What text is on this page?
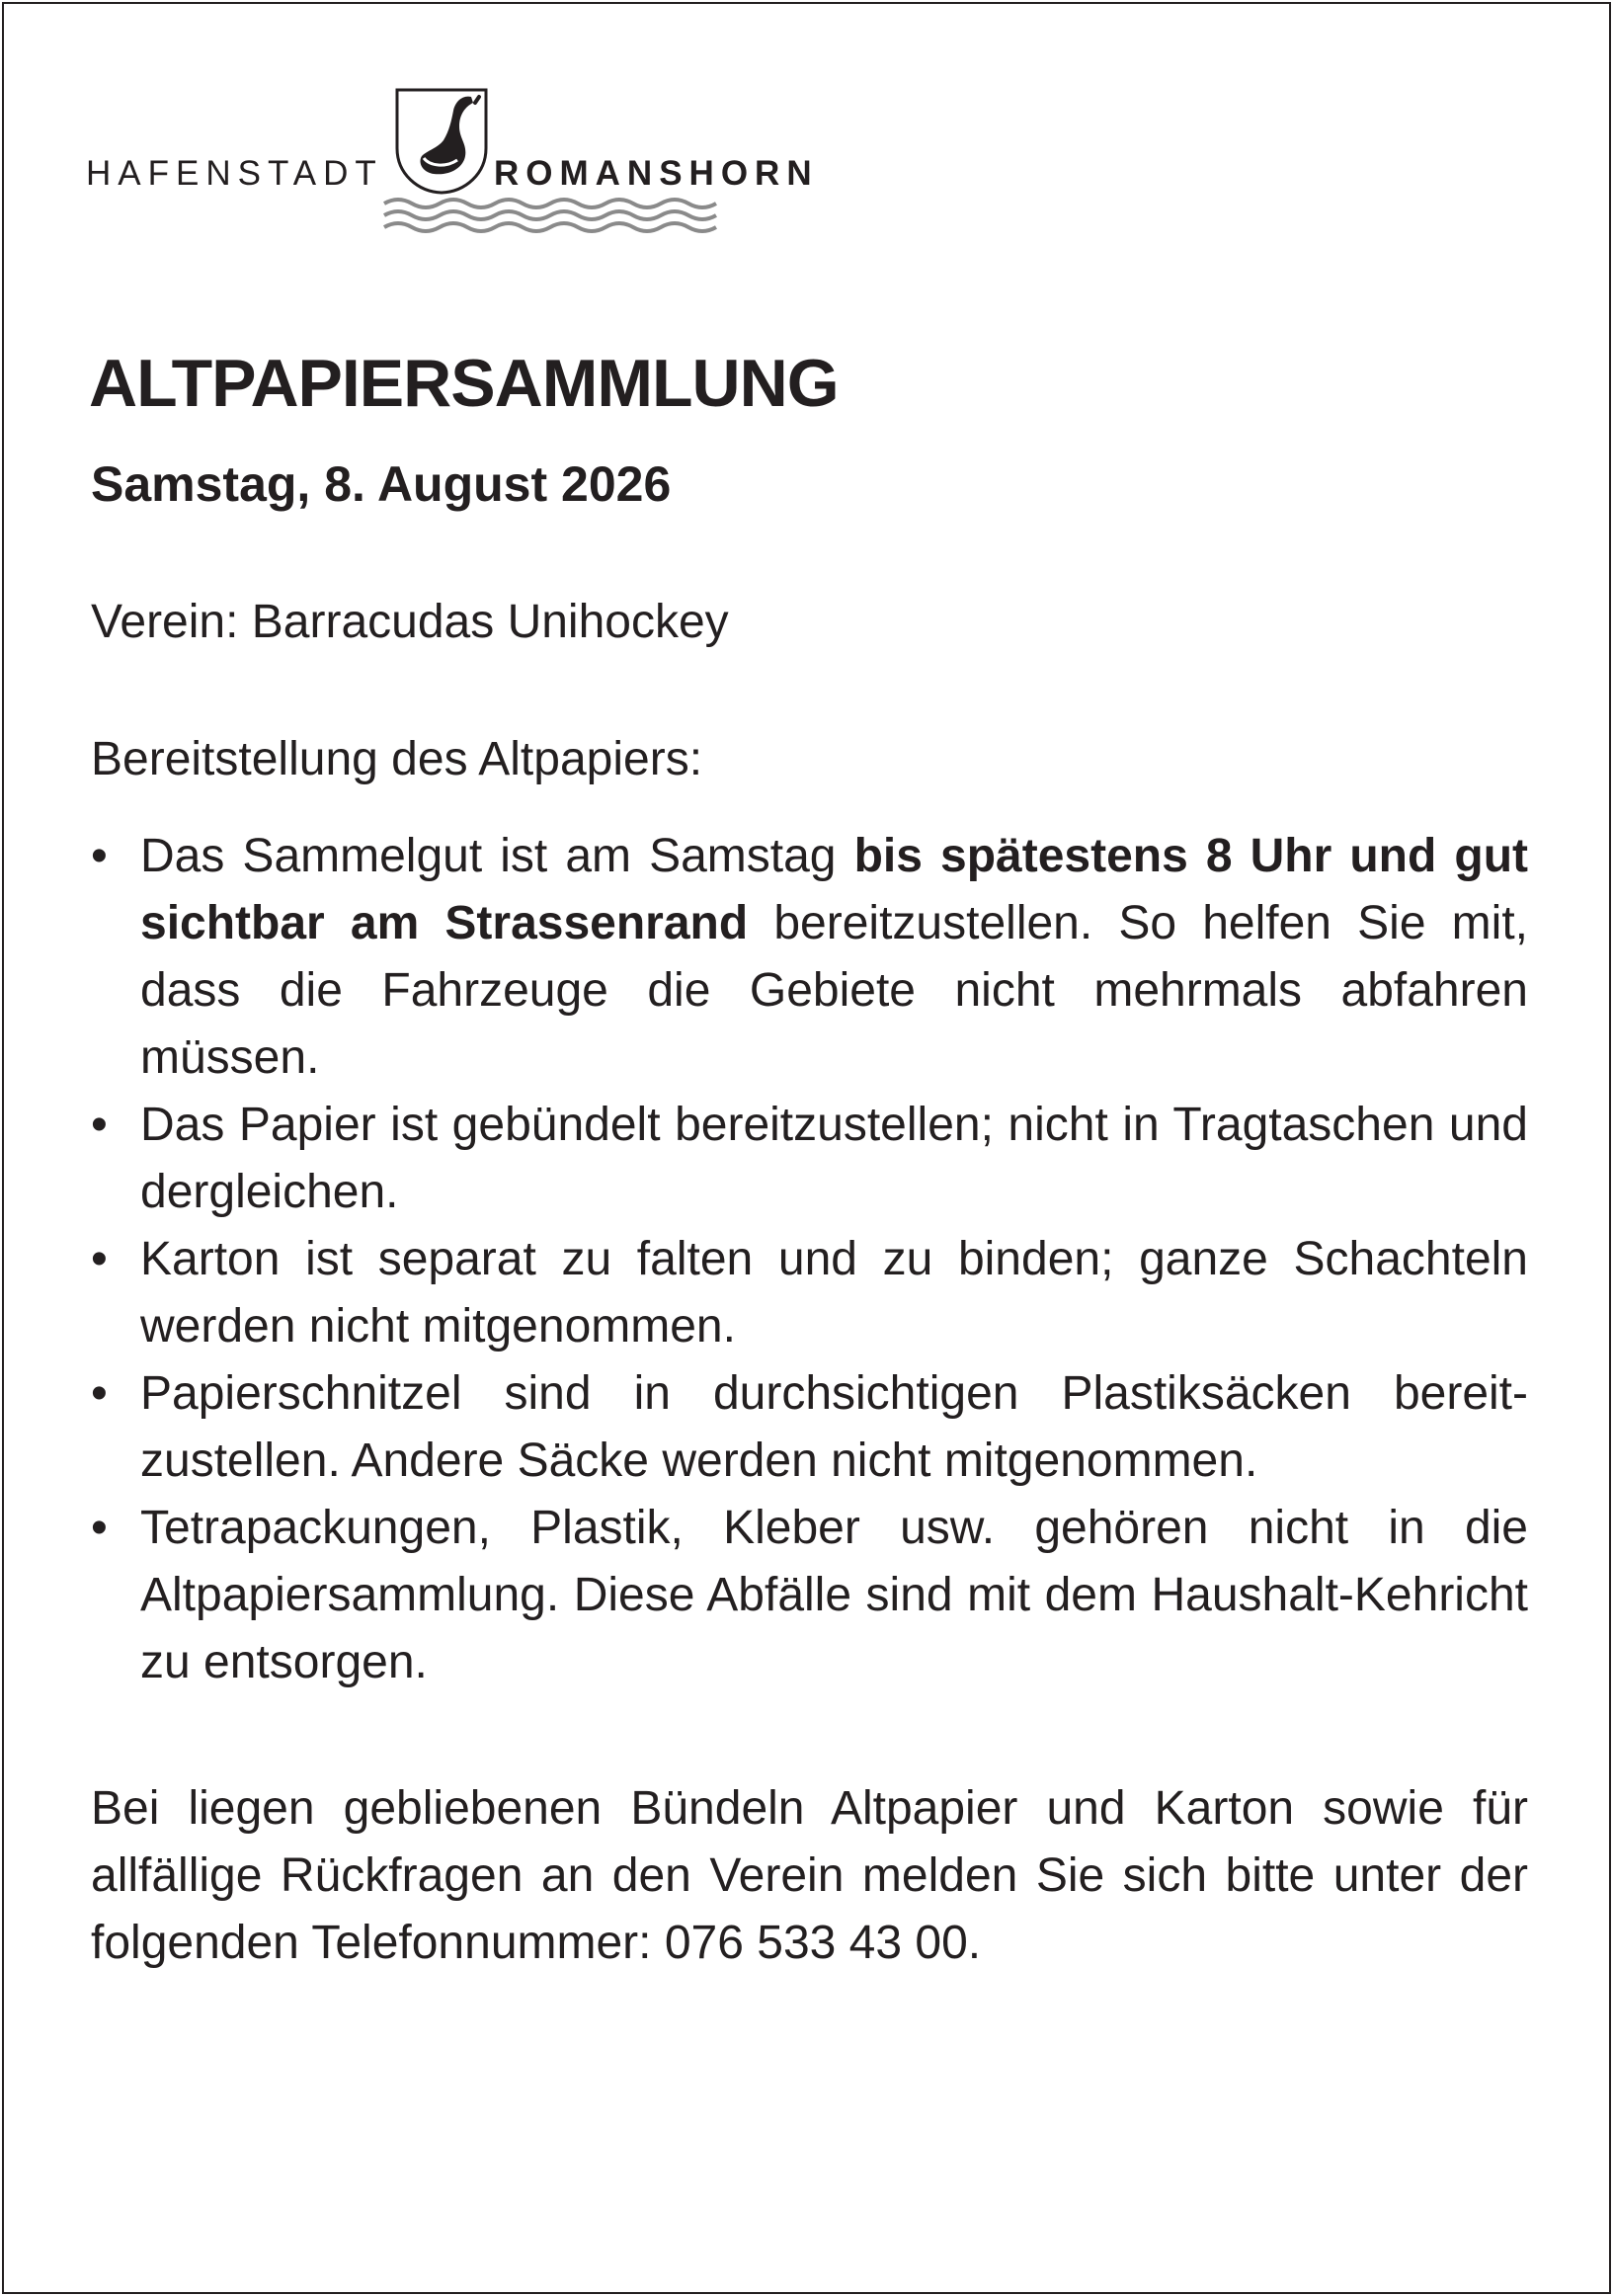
HAFENSTADT	ROMANSHORN
ALTPAPIERSAMMLUNG
Samstag, 8. August 2026
Verein: Barracudas Unihockey
Bereitstellung des Altpapiers:
• Das Sammelgut ist am Samstag bis spätestens 8 Uhr und gut sichtbar am Strassenrand bereitzustellen. So helfen Sie mit, dass die Fahrzeuge die Gebiete nicht mehrmals abfahren müssen.
• Das Papier ist gebündelt bereitzustellen; nicht in Tragtaschen und dergleichen.
• Karton ist separat zu falten und zu binden; ganze Schachteln werden nicht mitgenommen.
• Papierschnitzel sind in durchsichtigen Plastiksäcken bereitzustellen. Andere Säcke werden nicht mitgenommen.
• Tetrapackungen, Plastik, Kleber usw. gehören nicht in die Altpapiersammlung. Diese Abfälle sind mit dem Haushalt-Kehricht zu entsorgen.
Bei liegen gebliebenen Bündeln Altpapier und Karton sowie für allfällige Rückfragen an den Verein melden Sie sich bitte unter der folgenden Telefonnummer: 076 533 43 00.
